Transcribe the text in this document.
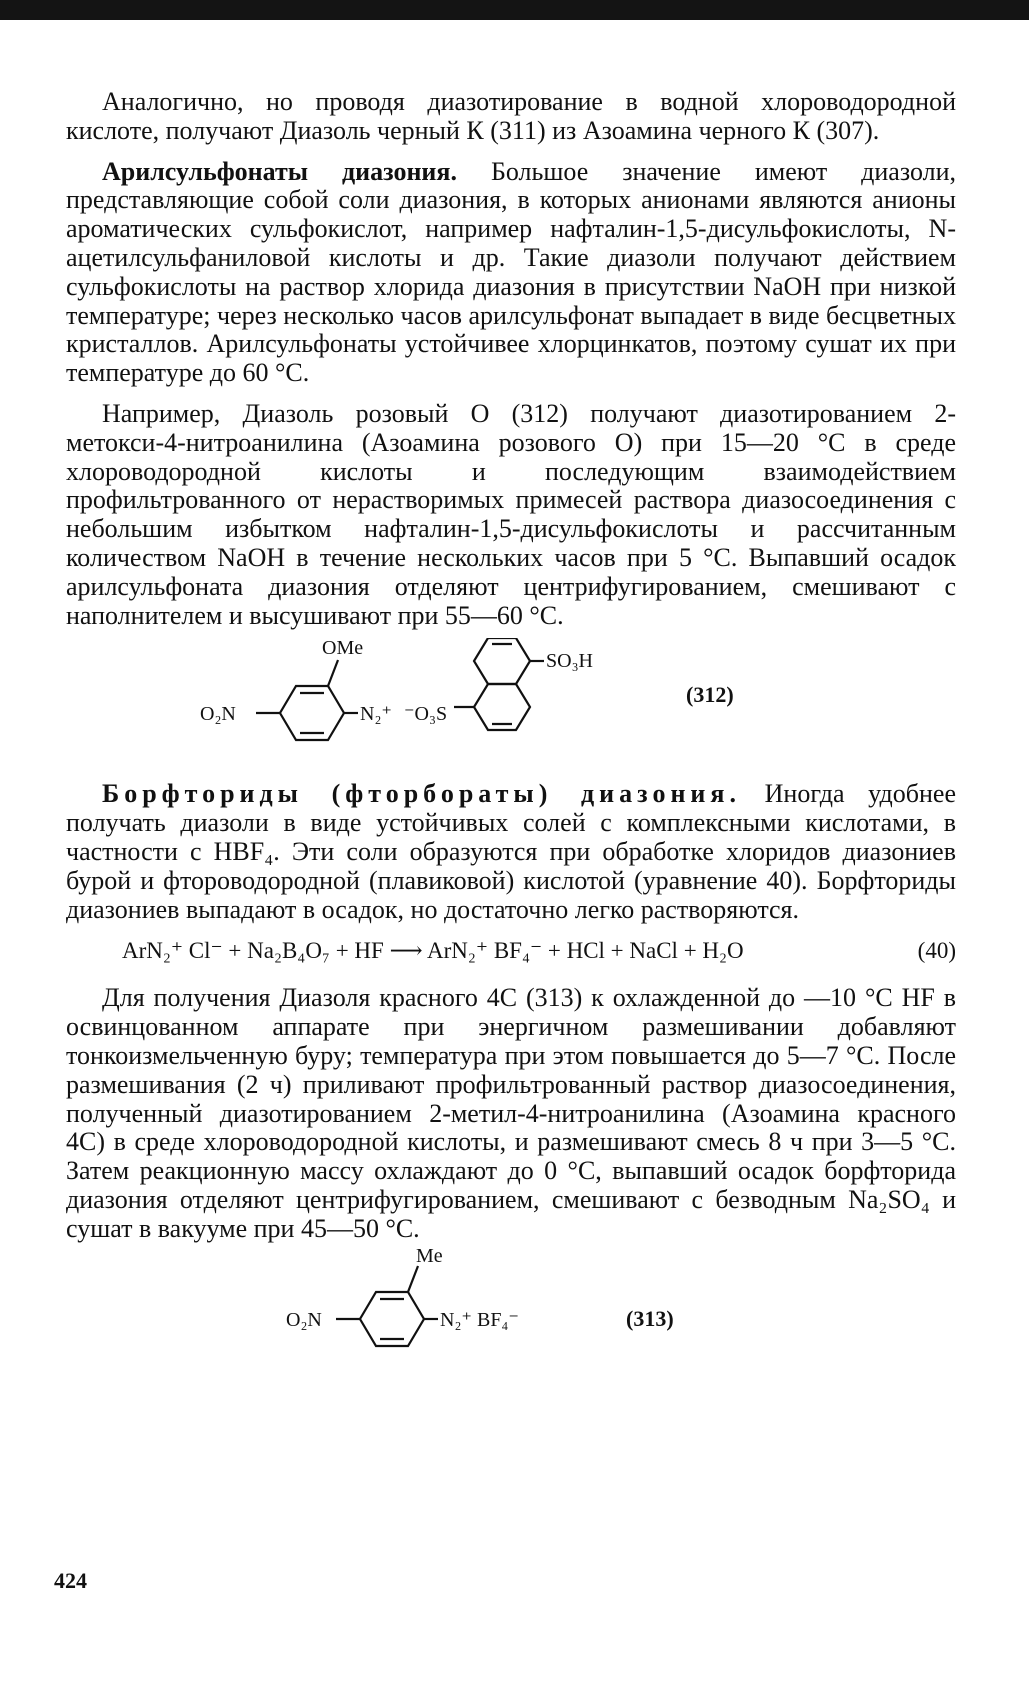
Аналогично, но проводя диазотирование в водной хлороводородной кислоте, получают Диазоль черный К (311) из Азоамина черного К (307).

Арилсульфонаты диазония. Большое значение имеют диазоли, представляющие собой соли диазония, в которых анионами являются анионы ароматических сульфокислот, например нафталин-1,5-дисульфокислоты, N-ацетилсульфаниловой кислоты и др. Такие диазоли получают действием сульфокислоты на раствор хлорида диазония в присутствии NaOH при низкой температуре; через несколько часов арилсульфонат выпадает в виде бесцветных кристаллов. Арилсульфонаты устойчивее хлорцинкатов, поэтому сушат их при температуре до 60 °С.

Например, Диазоль розовый О (312) получают диазотированием 2-метокси-4-нитроанилина (Азоамина розового О) при 15—20 °С в среде хлороводородной кислоты и последующим взаимодействием профильтрованного от нерастворимых примесей раствора диазосоединения с небольшим избытком нафталин-1,5-дисульфокислоты и рассчитанным количеством NaOH в течение нескольких часов при 5 °С. Выпавший осадок арилсульфоната диазония отделяют центрифугированием, смешивают с наполнителем и высушивают при 55—60 °С.

OMe
O₂N	N₂⁺ ⁻O₃S
SO₃H
(312)

Борфториды (фторбораты) диазония. Иногда удобнее получать диазоли в виде устойчивых солей с комплексными кислотами, в частности с HBF₄. Эти соли образуются при обработке хлоридов диазониев бурой и фтороводородной (плавиковой) кислотой (уравнение 40). Борфториды диазониев выпадают в осадок, но достаточно легко растворяются.

ArN₂⁺ Cl⁻ + Na₂B₄O₇ + HF ⟶ ArN₂⁺ BF₄⁻ + HCl + NaCl + H₂O	(40)

Для получения Диазоля красного 4С (313) к охлажденной до —10 °С HF в освинцованном аппарате при энергичном размешивании добавляют тонкоизмельченную буру; температура при этом повышается до 5—7 °С. После размешивания (2 ч) приливают профильтрованный раствор диазосоединения, полученный диазотированием 2-метил-4-нитроанилина (Азоамина красного 4С) в среде хлороводородной кислоты, и размешивают смесь 8 ч при 3—5 °С. Затем реакционную массу охлаждают до 0 °С, выпавший осадок борфторида диазония отделяют центрифугированием, смешивают с безводным Na₂SO₄ и сушат в вакууме при 45—50 °С.

Me
O₂N	N₂⁺ BF₄⁻	(313)
424
